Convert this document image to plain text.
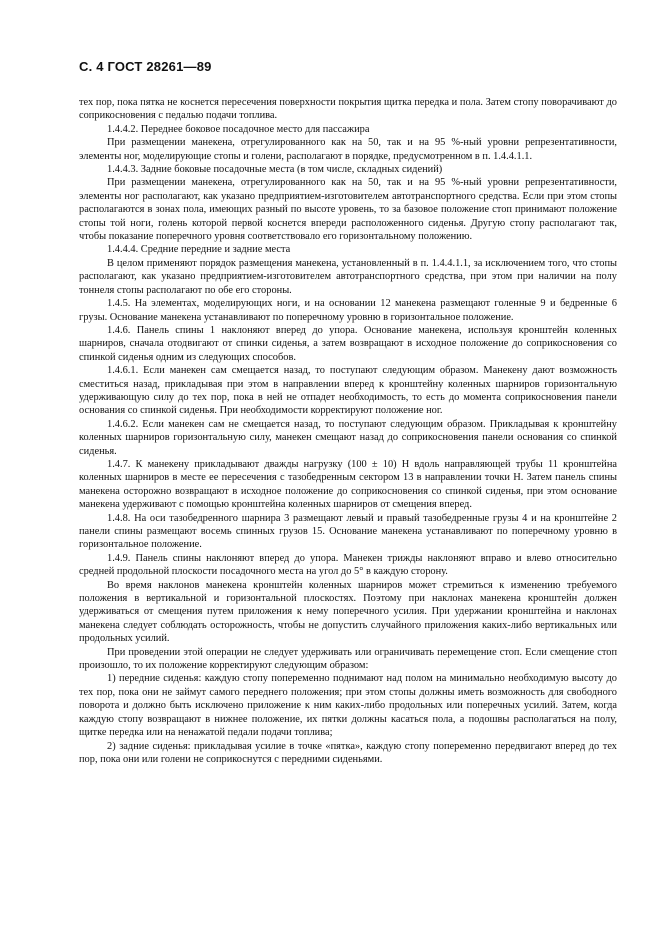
С. 4 ГОСТ 28261—89

тех пор, пока пятка не коснется пересечения поверхности покрытия щитка передка и пола. Затем стопу поворачивают до соприкосновения с педалью подачи топлива.

1.4.4.2. Переднее боковое посадочное место для пассажира

При размещении манекена, отрегулированного как на 50, так и на 95 %-ный уровни репрезентативности, элементы ног, моделирующие стопы и голени, располагают в порядке, предусмотренном в п. 1.4.4.1.1.

1.4.4.3. Задние боковые посадочные места (в том числе, складных сидений)

При размещении манекена, отрегулированного как на 50, так и на 95 %-ный уровни репрезентативности, элементы ног располагают, как указано предприятием-изготовителем автотранспортного средства. Если при этом стопы располагаются в зонах пола, имеющих разный по высоте уровень, то за базовое положение стоп принимают положение стопы той ноги, голень которой первой коснется впереди расположенного сиденья. Другую стопу располагают так, чтобы показание поперечного уровня соответствовало его горизонтальному положению.

1.4.4.4. Средние передние и задние места

В целом применяют порядок размещения манекена, установленный в п. 1.4.4.1.1, за исключением того, что стопы располагают, как указано предприятием-изготовителем автотранспортного средства, при этом при наличии на полу тоннеля стопы располагают по обе его стороны.

1.4.5. На элементах, моделирующих ноги, и на основании 12 манекена размещают голенные 9 и бедренные 6 грузы. Основание манекена устанавливают по поперечному уровню в горизонтальное положение.

1.4.6. Панель спины 1 наклоняют вперед до упора. Основание манекена, используя кронштейн коленных шарниров, сначала отодвигают от спинки сиденья, а затем возвращают в исходное положение до соприкосновения со спинкой сиденья одним из следующих способов.

1.4.6.1. Если манекен сам смещается назад, то поступают следующим образом. Манекену дают возможность сместиться назад, прикладывая при этом в направлении вперед к кронштейну коленных шарниров горизонтальную удерживающую силу до тех пор, пока в ней не отпадет необходимость, то есть до момента соприкосновения панели основания со спинкой сиденья. При необходимости корректируют положение ног.

1.4.6.2. Если манекен сам не смещается назад, то поступают следующим образом. Прикладывая к кронштейну коленных шарниров горизонтальную силу, манекен смещают назад до соприкосновения панели основания со спинкой сиденья.

1.4.7. К манекену прикладывают дважды нагрузку (100 ± 10) Н вдоль направляющей трубы 11 кронштейна коленных шарниров в месте ее пересечения с тазобедренным сектором 13 в направлении точки Н. Затем панель спины манекена осторожно возвращают в исходное положение до соприкосновения со спинкой сиденья, при этом основание манекена удерживают с помощью кронштейна коленных шарниров от смещения вперед.

1.4.8. На оси тазобедренного шарнира 3 размещают левый и правый тазобедренные грузы 4 и на кронштейне 2 панели спины размещают восемь спинных грузов 15. Основание манекена устанавливают по поперечному уровню в горизонтальное положение.

1.4.9. Панель спины наклоняют вперед до упора. Манекен трижды наклоняют вправо и влево относительно средней продольной плоскости посадочного места на угол до 5° в каждую сторону.

Во время наклонов манекена кронштейн коленных шарниров может стремиться к изменению требуемого положения в вертикальной и горизонтальной плоскостях. Поэтому при наклонах манекена кронштейн должен удерживаться от смещения путем приложения к нему поперечного усилия. При удержании кронштейна и наклонах манекена следует соблюдать осторожность, чтобы не допустить случайного приложения каких-либо вертикальных или продольных усилий.

При проведении этой операции не следует удерживать или ограничивать перемещение стоп. Если смещение стоп произошло, то их положение корректируют следующим образом:

1) передние сиденья: каждую стопу попеременно поднимают над полом на минимально необходимую высоту до тех пор, пока они не займут самого переднего положения; при этом стопы должны иметь возможность для свободного поворота и должно быть исключено приложение к ним каких-либо продольных или поперечных усилий. Затем, когда каждую стопу возвращают в нижнее положение, их пятки должны касаться пола, а подошвы располагаться на полу, щитке передка или на ненажатой педали подачи топлива;

2) задние сиденья: прикладывая усилие в точке «пятка», каждую стопу попеременно передвигают вперед до тех пор, пока они или голени не соприкоснутся с передними сиденьями.
